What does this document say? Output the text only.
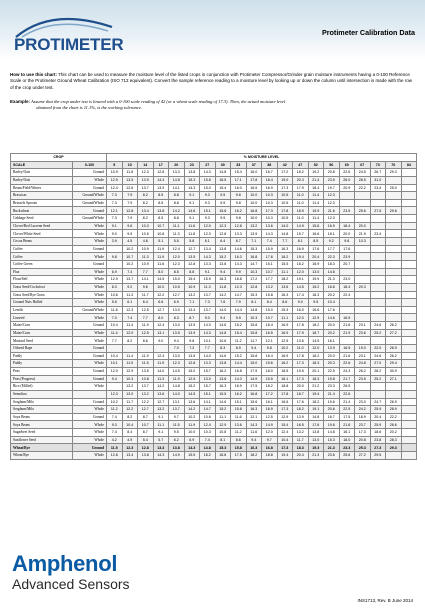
PROTIMETER
Protimeter Calibration Data
How to use this chart: This chart can be used to measure the moisture level of the listed crops in conjunction with Protimeter Compressor/Grinder grain moisture instruments having a 0-100 Reference Scale or the Protimeter Ground Wheat Calibration (ISO 712 equivalent). Convert the sample reference reading to a moisture level by looking up or down the column until intersection is made with the row of the crop under test.
Example: Assume that the crop under test is linseed with a 0-100 scale reading of 42 (or a wheat scale reading of 17.3). Then, the actual moisture level
obtained from the chart is 11.1%, is the working tolerance.
CROP		% MOISTURE LEVEL																			
SCALE	0-100	5	10	14	17	20	23	27	30	33	37	38	42	47	52	56	60	67	73	76	84
Barley/Oats	Ground	10.9	11.8	12.3	12.8	13.3	13.8	14.3	14.8	15.4	16.0	16.7	17.2	18.2	19.2	20.8	22.6	24.5	26.7	29.3	
Barley/Oats	Whole	12.9	13.5	13.9	14.4	14.8	15.3	15.8	16.5	17.1	17.8	18.4	19.0	20.3	21.4	23.5	26.0	28.5	31.0		
Beans/Field/Winter	Ground	12.4	12.6	13.7	13.9	14.1	14.3	15.0	15.4	16.0	16.5	16.9	17.3	17.9	18.4	19.7	20.9	22.2	23.4	25.0	
Brassicas	Ground/Whole	7.3	7.9	8.2	8.5	8.8	9.1	9.3	9.5	9.8	10.0	10.3	10.5	11.0	11.4	12.3					
Brussels Sprouts	Ground/Whole	7.3	7.9	8.2	8.5	8.8	9.1	9.3	9.5	9.8	10.0	10.3	10.5	11.0	11.4	12.3					
Buckwheat	Ground	12.1	12.8	13.4	13.8	14.2	14.6	15.1	15.6	16.2	16.8	17.3	17.8	18.9	19.9	21.6	23.5	25.6	27.5	29.6	
Cabbage Seed	Ground/Whole	7.3	7.9	8.2	8.5	8.8	9.1	9.3	9.5	9.8	10.0	10.3	10.5	11.0	11.4	12.3					
Clover/Red Lucerne Seed	Whole	9.1	9.6	10.3	10.7	11.1	11.6	12.0	12.3	12.8	13.2	13.6	14.0	14.9	15.6	16.9	18.4	20.0			
Clover/White Seed	Whole	9.0	9.9	10.5	10.8	11.3	11.8	12.3	12.8	13.3	13.9	14.3	14.8	15.7	16.6	18.1	20.0	21.9	23.4		
Cocoa Beans	Whole	3.9	4.5	4.8	5.1	5.5	5.8	6.1	6.4	6.7	7.1	7.4	7.7	8.1	8.5	9.2	9.8	10.3			
Coffee	Ground		10.2	10.9	11.9	12.4	12.7	13.4	13.8	14.6	15.3	15.9	16.3	16.9	17.6	17.7	17.6				
Coffee	Whole	9.8	10.7	11.3	11.9	12.0	13.5	14.3	15.2	16.3	16.8	17.6	18.2	19.4	20.4	22.3	23.9				
Coffee Green	Ground		10.2	10.9	11.6	12.3	12.8	13.3	13.8	14.3	14.7	15.1	15.5	16.2	16.9	18.3	20.7				
Flax	Whole	6.9	7.4	7.7	8.0	8.5	8.8	9.1	9.4	9.9	10.3	10.7	11.1	12.0	13.0	14.6					
Flour/Self	Whole	12.9	13.7	14.1	14.5	15.0	15.4	15.9	16.3	16.8	17.2	17.7	18.2	19.1	19.9	21.3	23.0				
Grass Seed/Cocksfoot	Whole	8.3	9.2	9.6	10.0	10.5	10.9	11.3	11.8	12.3	12.8	13.2	13.6	14.5	15.2	16.6	18.4	20.3			
Grass Seed/Rye Grass	Whole	10.6	11.3	11.7	12.2	12.7	13.2	13.7	14.2	14.7	15.3	15.8	16.3	17.4	18.3	20.2	22.4				
Ground Nuts Hulled	Whole	5.5	6.1	6.4	6.6	6.9	7.1	7.3	7.6	7.9	8.1	8.4	8.6	9.0	9.5	10.4					
Lentils	Ground/Whole	11.8	12.3	12.5	12.7	13.0	13.4	13.7	14.0	14.4	14.8	15.0	15.3	16.0	16.6	17.6					
Linseed	Whole	7.0	7.4	7.7	8.0	8.3	8.7	9.0	9.4	9.9	10.3	10.7	11.1	12.0	12.9	14.6	16.5				
Maize/Corn	Ground	10.4	11.4	11.9	12.4	13.0	13.5	14.0	14.6	15.2	15.8	16.4	16.9	17.8	18.2	20.0	21.6	23.1	24.6	26.2	
Maize/Corn	Whole	11.4	12.0	12.5	13.1	13.5	13.9	14.3	14.8	15.4	15.8	16.5	16.9	17.9	18.7	20.2	21.9	23.6	25.2	27.2	
Mustard Seed	Whole	7.7	8.2	8.6	9.0	9.4	9.8	10.1	10.6	11.2	11.7	12.1	12.5	13.6	14.5	16.1					
Oilseed Rape	Ground					7.0	7.3	7.7	8.3	8.9	9.4	9.8	10.2	11.0	12.0	13.9	16.5	19.0	22.0	26.9	
Paddy	Ground	10.4	11.4	11.9	12.4	13.0	13.5	14.0	14.6	15.2	15.8	16.4	16.9	17.8	18.2	20.0	21.6	23.1	24.6	26.2	
Paddy	Whole	10.1	11.0	11.5	11.9	12.3	12.8	13.3	13.8	14.4	15.0	15.6	16.2	17.3	18.3	20.3	22.6	24.8	27.0	29.4	
Peas	Ground	12.0	12.9	13.5	14.0	14.5	15.0	15.7	16.2	16.8	17.5	18.0	18.5	19.5	20.1	22.5	24.3	26.2	28.2	30.9	
Peas (Progress)	Ground	9.4	10.3	10.8	11.3	11.9	12.5	13.0	13.6	14.3	14.9	15.5	16.1	17.3	18.3	19.8	21.7	23.5	25.2	27.1	
Rice (Milled)	Whole		13.2	13.7	14.2	14.8	15.2	15.7	16.3	16.9	17.5	18.2	18.8	20.0	21.2	23.3	26.5				
Semolina		12.3	13.0	13.2	13.6	14.0	14.5	15.1	15.5	16.2	16.8	17.2	17.8	18.7	19.4	21.4	22.6				
Sorghum/Milo	Ground	10.2	11.7	12.2	12.7	13.1	13.6	14.1	14.6	15.1	15.6	16.1	16.6	17.6	18.2	19.6	21.4	23.0	24.7	26.9	
Sorghum/Milo	Whole	11.2	12.2	12.7	13.2	13.7	14.2	14.7	15.2	15.8	16.3	16.9	17.3	18.2	19.1	20.6	22.5	24.2	25.9	28.9	
Soya Beans	Ground	7.4	8.2	8.7	9.1	9.7	10.2	10.6	11.1	11.6	12.1	12.5	12.9	13.9	14.8	16.7	17.5	18.9	20.4	22.2	
Soya Beans	Whole	9.3	10.4	10.7	11.1	11.5	11.9	12.4	12.9	13.6	14.3	14.9	15.4	16.5	17.6	19.6	21.8	23.7	25.9	28.6	
Sugarbeet Seed	Whole	7.4	8.4	8.7	9.1	9.5	10.0	10.3	10.8	11.2	11.6	12.0	12.4	13.2	13.8	14.8	16.1	17.3	18.6	20.2	
Sunflower Seed	Whole	4.2	4.9	5.4	5.7	6.2	6.9	7.4	8.1	8.6	9.4	9.7	10.4	11.7	13.0	15.3	18.0	20.8	23.8	28.3	
Wheat/Rye	Ground	11.5	12.3	12.8	13.3	13.8	14.3	14.8	15.3	15.8	16.3	16.8	17.3	18.3	19.3	21.3	23.3	25.3	27.3	29.3	
Wheat/Rye	Whole	12.8	13.4	13.8	14.3	14.9	15.5	16.2	16.8	17.5	18.2	18.8	19.4	20.4	21.3	23.6	25.6	27.2	29.5		
Amphenol
Advanced Sensors
INS1713, Rev. B June 2014
